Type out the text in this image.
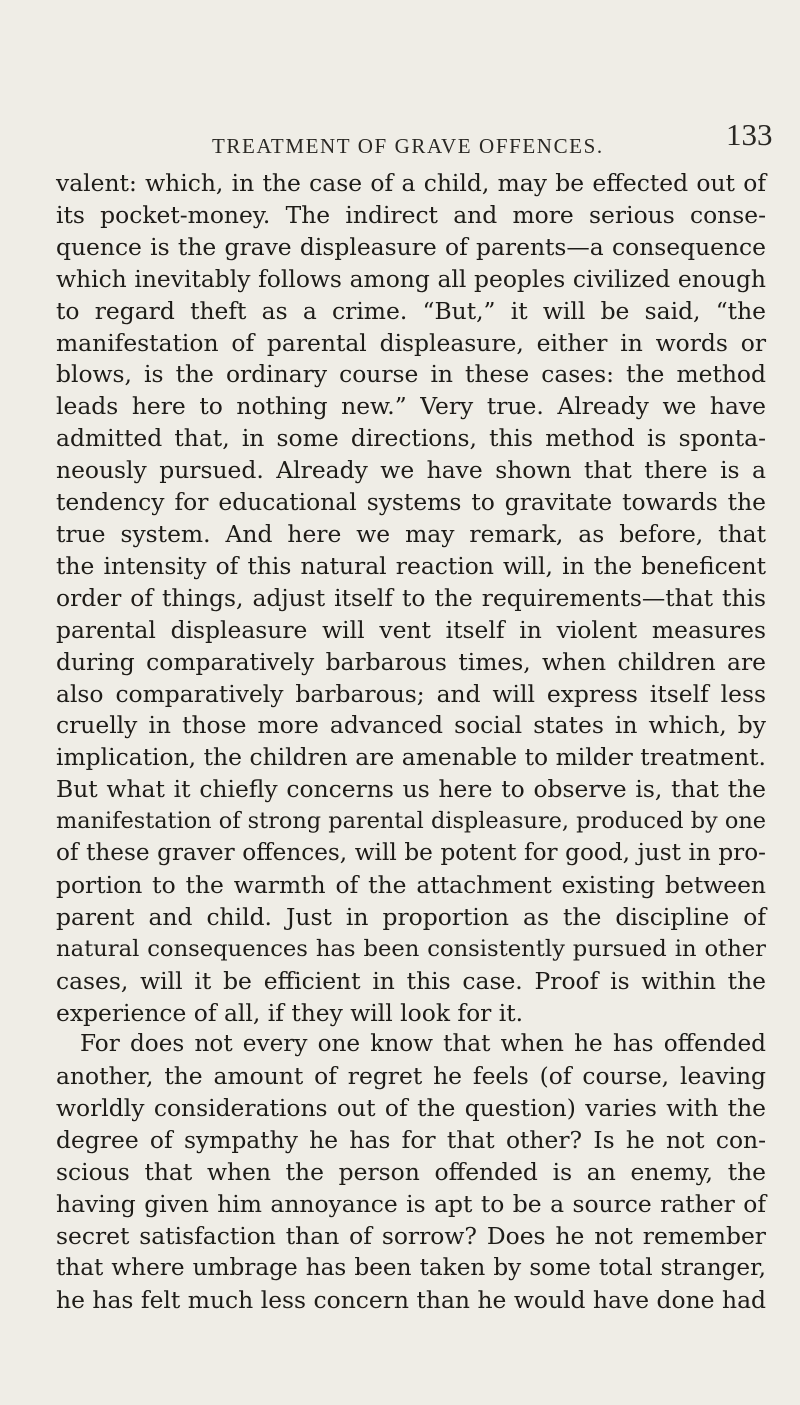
TREATMENT OF GRAVE OFFENCES.	133
valent: which, in the case of a child, may be effected out of
its pocket-money. The indirect and more serious conse-
quence is the grave displeasure of parents—a consequence
which inevitably follows among all peoples civilized enough
to regard theft as a crime. “But,” it will be said, “the
manifestation of parental displeasure, either in words or
blows, is the ordinary course in these cases: the method
leads here to nothing new.” Very true. Already we have
admitted that, in some directions, this method is sponta-
neously pursued. Already we have shown that there is a
tendency for educational systems to gravitate towards the
true system. And here we may remark, as before, that
the intensity of this natural reaction will, in the beneficent
order of things, adjust itself to the requirements—that this
parental displeasure will vent itself in violent measures
during comparatively barbarous times, when children are
also comparatively barbarous; and will express itself less
cruelly in those more advanced social states in which, by
implication, the children are amenable to milder treatment.
But what it chiefly concerns us here to observe is, that the
manifestation of strong parental displeasure, produced by one
of these graver offences, will be potent for good, just in pro-
portion to the warmth of the attachment existing between
parent and child. Just in proportion as the discipline of
natural consequences has been consistently pursued in other
cases, will it be efficient in this case. Proof is within the
experience of all, if they will look for it.
For does not every one know that when he has offended
another, the amount of regret he feels (of course, leaving
worldly considerations out of the question) varies with the
degree of sympathy he has for that other? Is he not con-
scious that when the person offended is an enemy, the
having given him annoyance is apt to be a source rather of
secret satisfaction than of sorrow? Does he not remember
that where umbrage has been taken by some total stranger,
he has felt much less concern than he would have done had
